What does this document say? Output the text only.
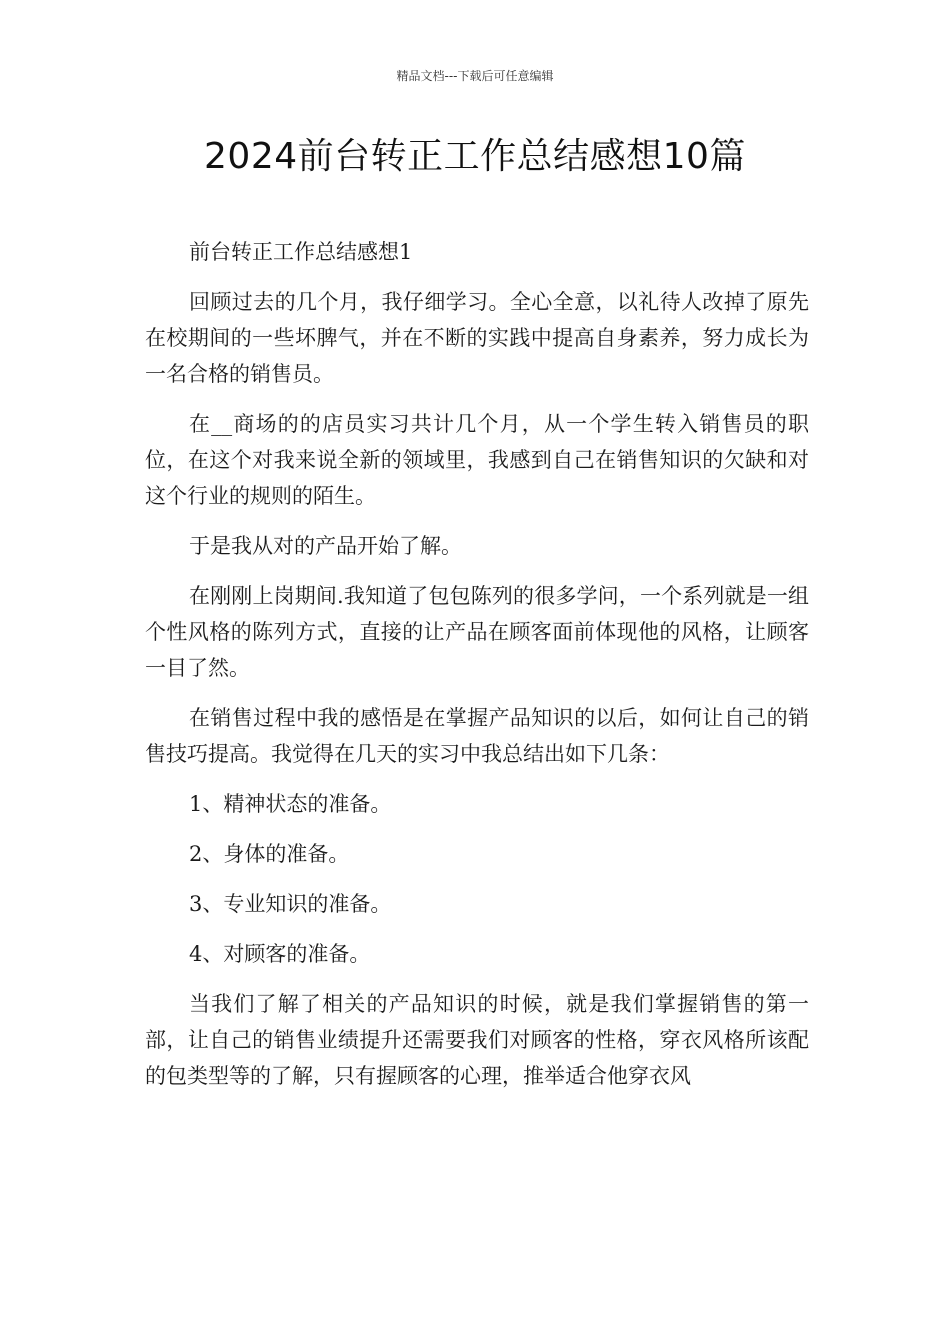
精品文档---下载后可任意编辑
2024前台转正工作总结感想10篇

前台转正工作总结感想1

回顾过去的几个月，我仔细学习。全心全意，以礼待人改掉了原先在校期间的一些坏脾气，并在不断的实践中提高自身素养，努力成长为一名合格的销售员。

在__商场的的店员实习共计几个月，从一个学生转入销售员的职位，在这个对我来说全新的领域里，我感到自己在销售知识的欠缺和对这个行业的规则的陌生。

于是我从对的产品开始了解。

在刚刚上岗期间.我知道了包包陈列的很多学问，一个系列就是一组个性风格的陈列方式，直接的让产品在顾客面前体现他的风格，让顾客一目了然。

在销售过程中我的感悟是在掌握产品知识的以后，如何让自己的销售技巧提高。我觉得在几天的实习中我总结出如下几条：

1、精神状态的准备。

2、身体的准备。

3、专业知识的准备。

4、对顾客的准备。

当我们了解了相关的产品知识的时候，就是我们掌握销售的第一部，让自己的销售业绩提升还需要我们对顾客的性格，穿衣风格所该配的包类型等的了解，只有握顾客的心理，推举适合他穿衣风
